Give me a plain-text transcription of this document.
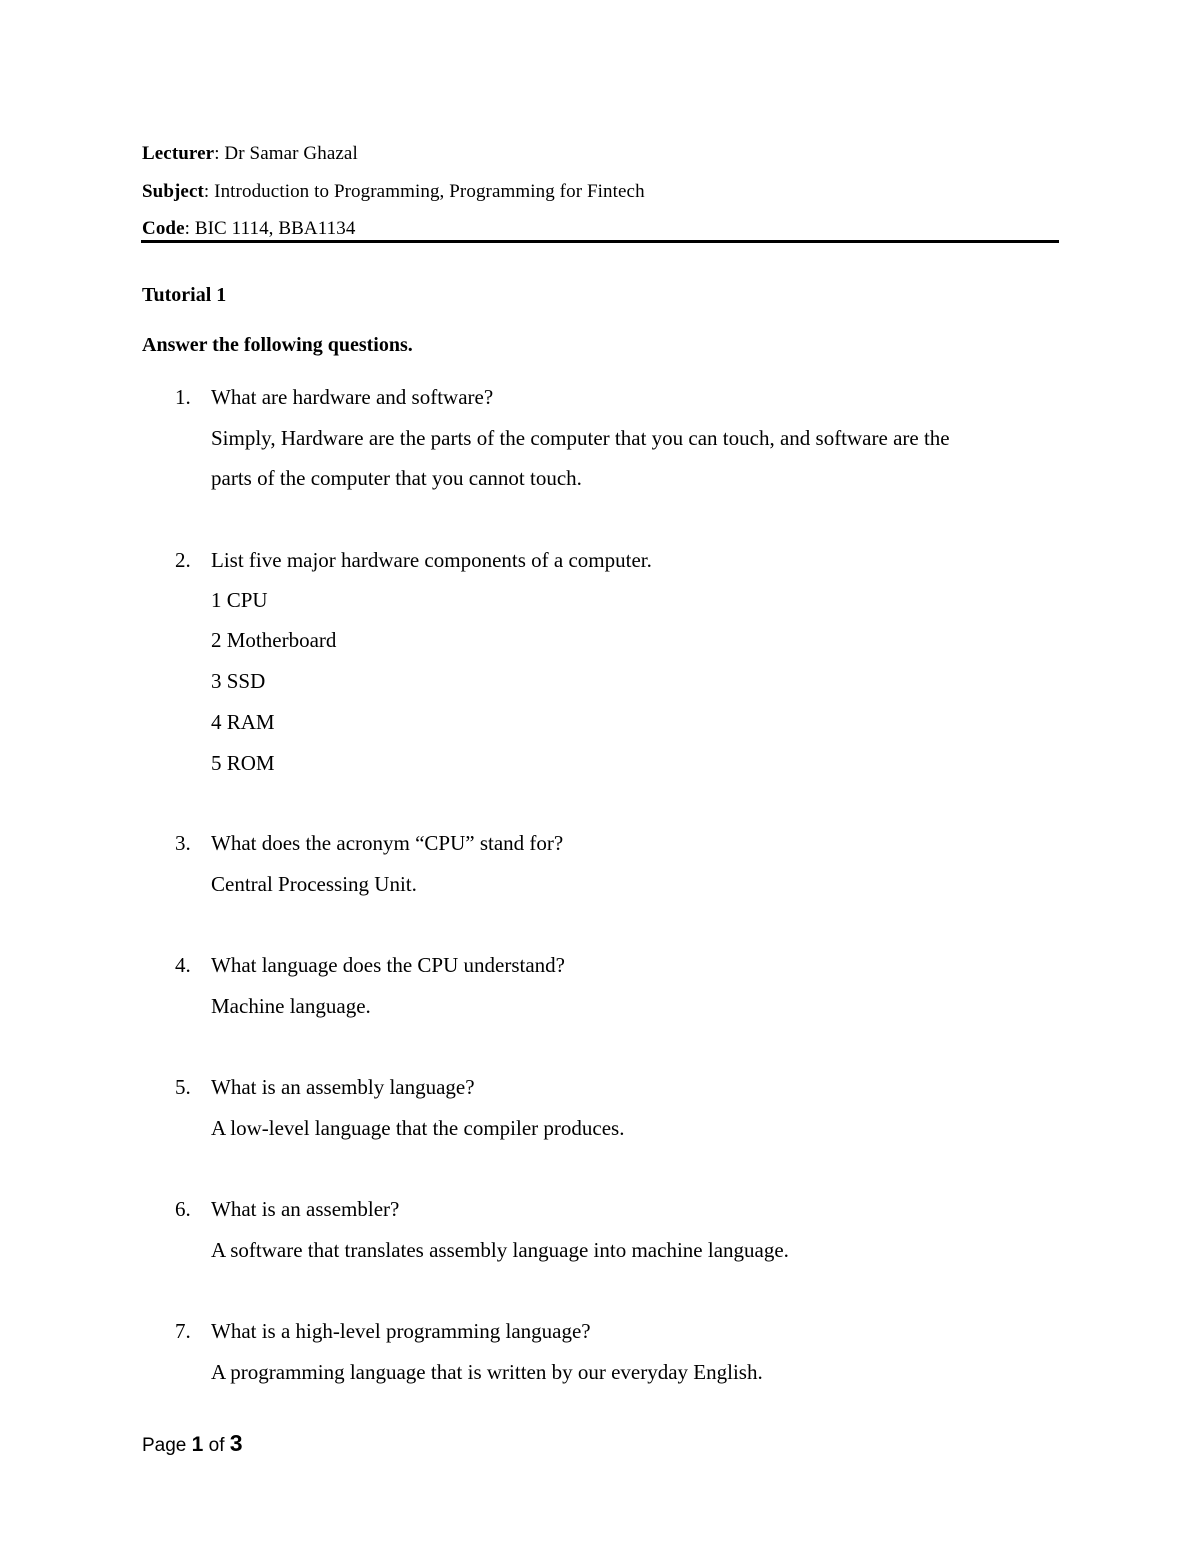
Lecturer: Dr Samar Ghazal
Subject: Introduction to Programming, Programming for Fintech
Code: BIC 1114, BBA1134
Tutorial 1
Answer the following questions.
1. What are hardware and software?
Simply, Hardware are the parts of the computer that you can touch, and software are the
parts of the computer that you cannot touch.
2. List five major hardware components of a computer.
1 CPU
2 Motherboard
3 SSD
4 RAM
5 ROM
3. What does the acronym “CPU” stand for?
Central Processing Unit.
4. What language does the CPU understand?
Machine language.
5. What is an assembly language?
A low-level language that the compiler produces.
6. What is an assembler?
A software that translates assembly language into machine language.
7. What is a high-level programming language?
A programming language that is written by our everyday English.
Page 1 of 3
